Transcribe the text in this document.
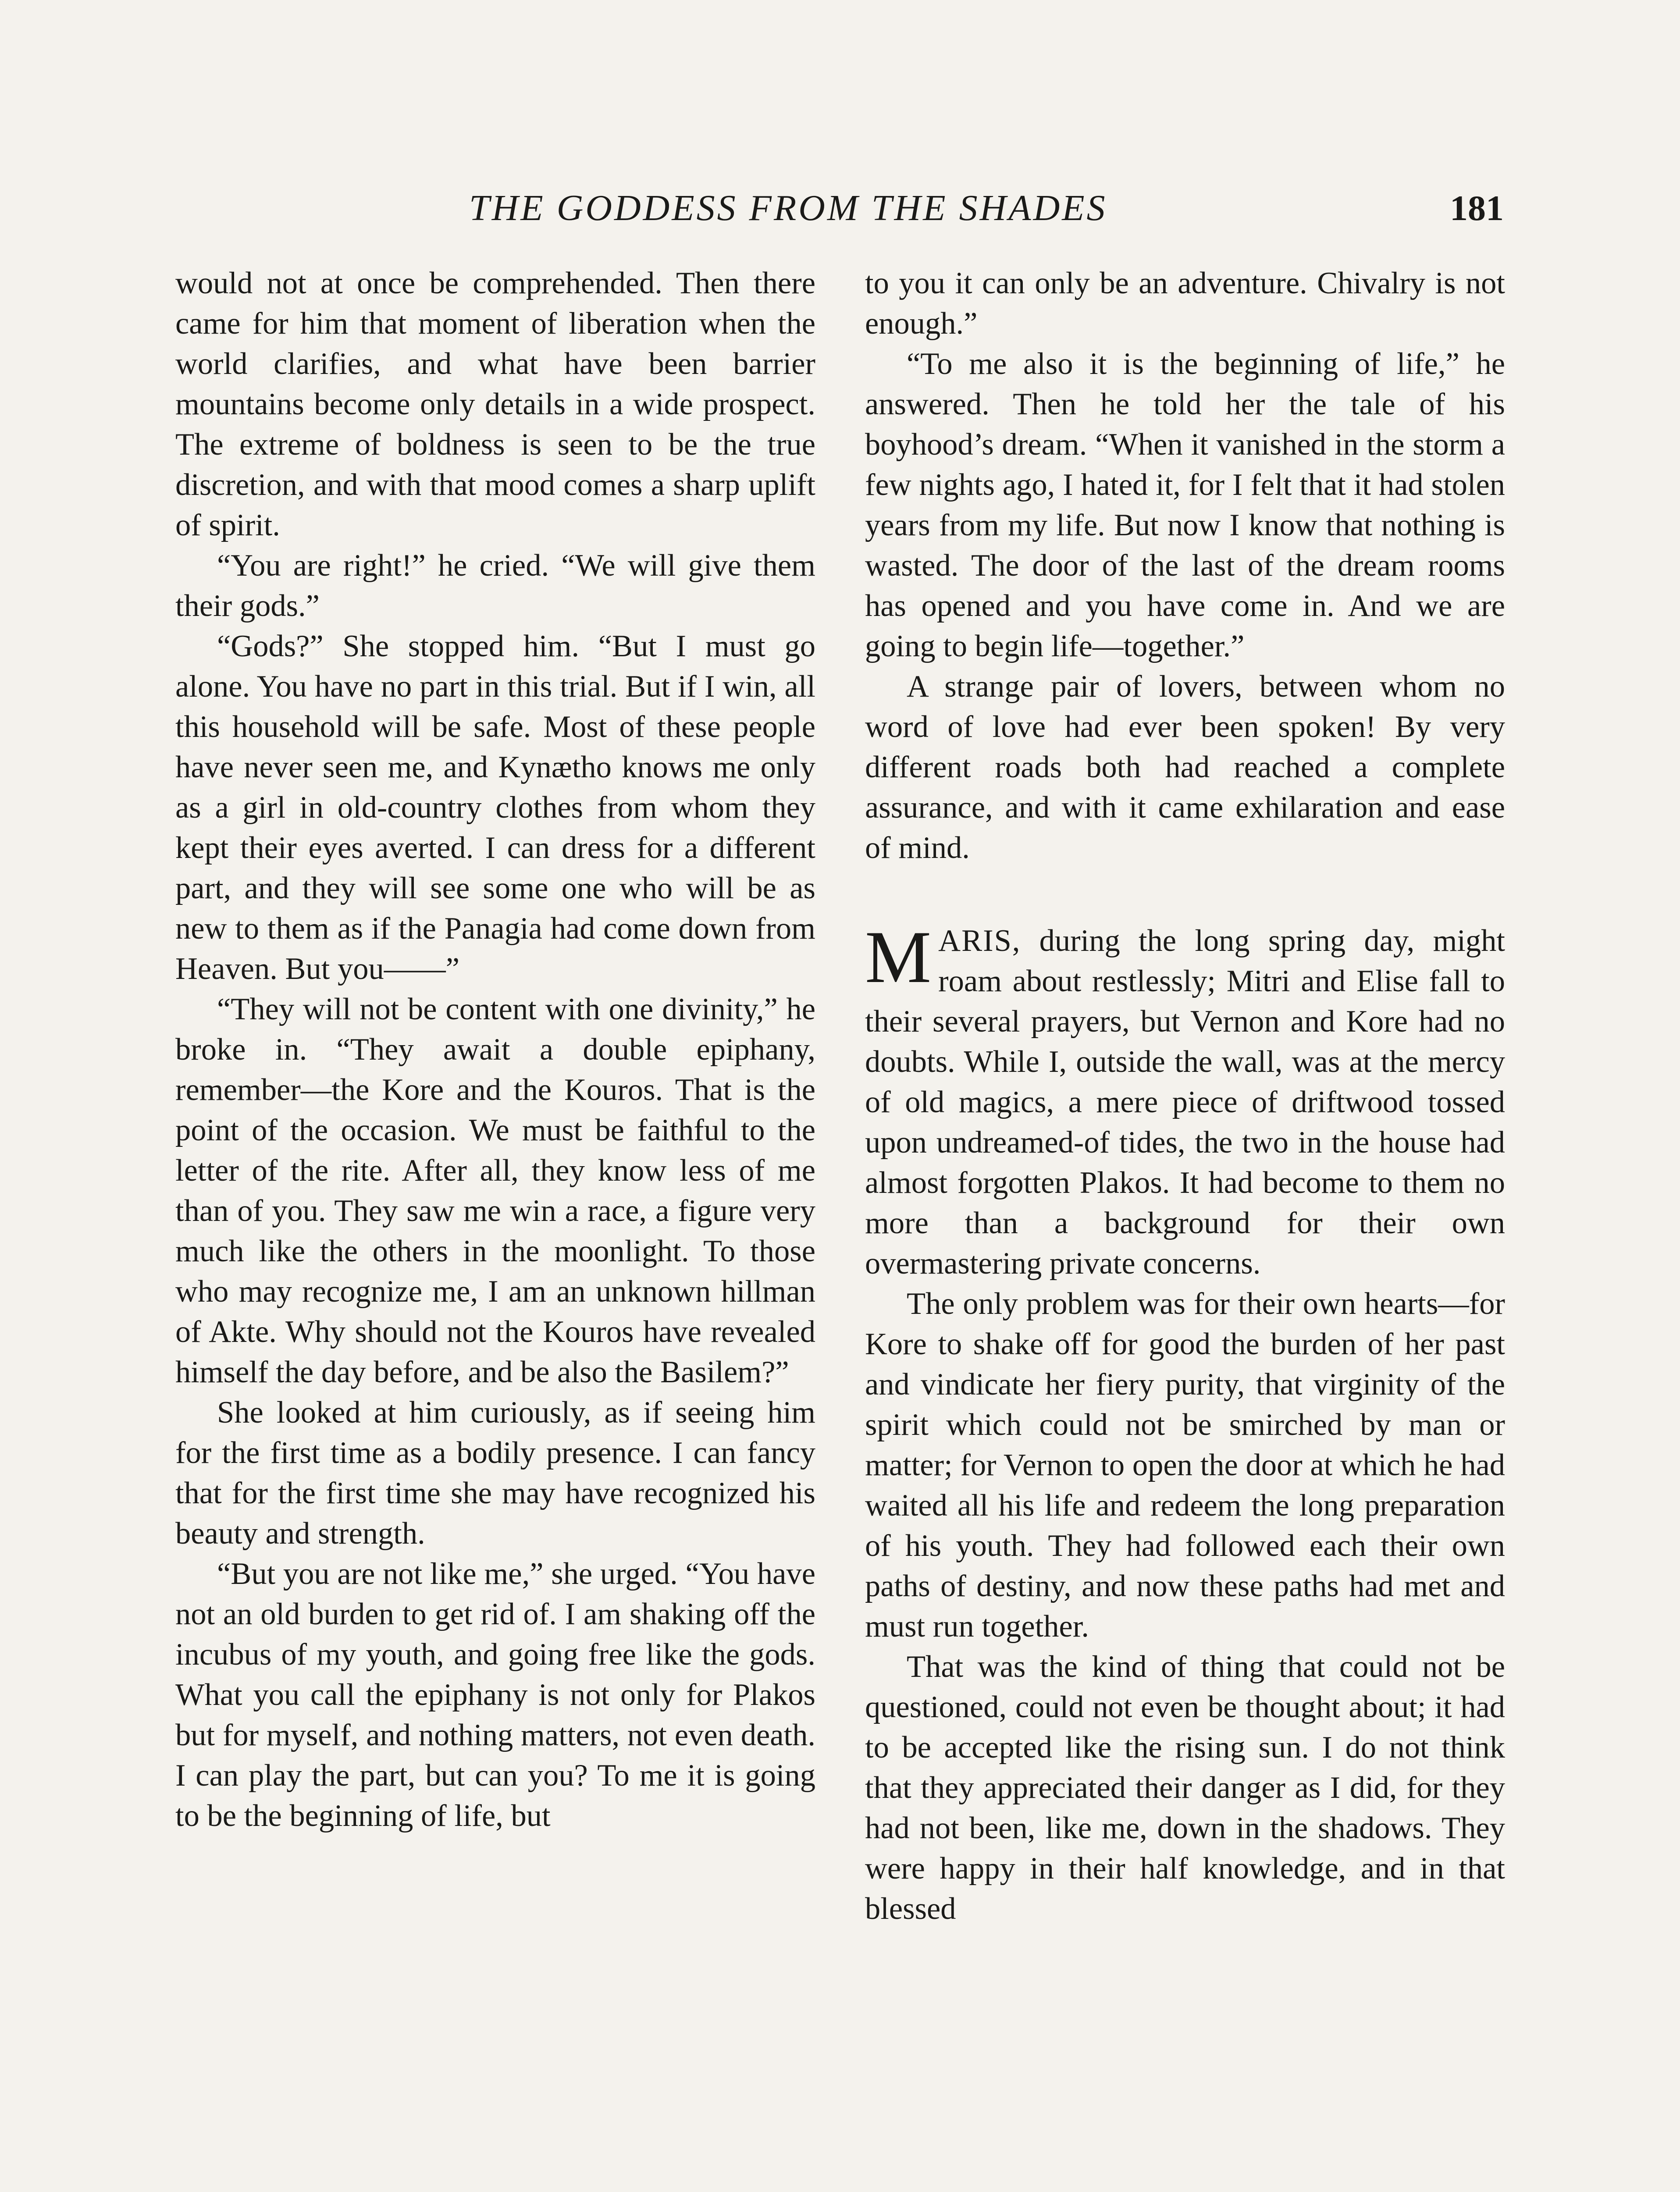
THE GODDESS FROM THE SHADES	181

would not at once be comprehended. Then there came for him that moment of liberation when the world clarifies, and what have been barrier mountains become only details in a wide prospect. The extreme of boldness is seen to be the true discretion, and with that mood comes a sharp uplift of spirit.

“You are right!” he cried. “We will give them their gods.”

“Gods?” She stopped him. “But I must go alone. You have no part in this trial. But if I win, all this household will be safe. Most of these people have never seen me, and Kynætho knows me only as a girl in old-country clothes from whom they kept their eyes averted. I can dress for a different part, and they will see some one who will be as new to them as if the Panagia had come down from Heaven. But you——”

“They will not be content with one divinity,” he broke in. “They await a double epiphany, remember—the Kore and the Kouros. That is the point of the occasion. We must be faithful to the letter of the rite. After all, they know less of me than of you. They saw me win a race, a figure very much like the others in the moonlight. To those who may recognize me, I am an unknown hillman of Akte. Why should not the Kouros have revealed himself the day before, and be also the Basilem?”

She looked at him curiously, as if seeing him for the first time as a bodily presence. I can fancy that for the first time she may have recognized his beauty and strength.

“But you are not like me,” she urged. “You have not an old burden to get rid of. I am shaking off the incubus of my youth, and going free like the gods. What you call the epiphany is not only for Plakos but for myself, and nothing matters, not even death. I can play the part, but can you? To me it is going to be the beginning of life, but

to you it can only be an adventure. Chivalry is not enough.”

“To me also it is the beginning of life,” he answered. Then he told her the tale of his boyhood’s dream. “When it vanished in the storm a few nights ago, I hated it, for I felt that it had stolen years from my life. But now I know that nothing is wasted. The door of the last of the dream rooms has opened and you have come in. And we are going to begin life—together.”

A strange pair of lovers, between whom no word of love had ever been spoken! By very different roads both had reached a complete assurance, and with it came exhilaration and ease of mind.

MARIS, during the long spring day, might roam about restlessly; Mitri and Elise fall to their several prayers, but Vernon and Kore had no doubts. While I, outside the wall, was at the mercy of old magics, a mere piece of driftwood tossed upon undreamed-of tides, the two in the house had almost forgotten Plakos. It had become to them no more than a background for their own overmastering private concerns.

The only problem was for their own hearts—for Kore to shake off for good the burden of her past and vindicate her fiery purity, that virginity of the spirit which could not be smirched by man or matter; for Vernon to open the door at which he had waited all his life and redeem the long preparation of his youth. They had followed each their own paths of destiny, and now these paths had met and must run together.

That was the kind of thing that could not be questioned, could not even be thought about; it had to be accepted like the rising sun. I do not think that they appreciated their danger as I did, for they had not been, like me, down in the shadows. They were happy in their half knowledge, and in that blessed
